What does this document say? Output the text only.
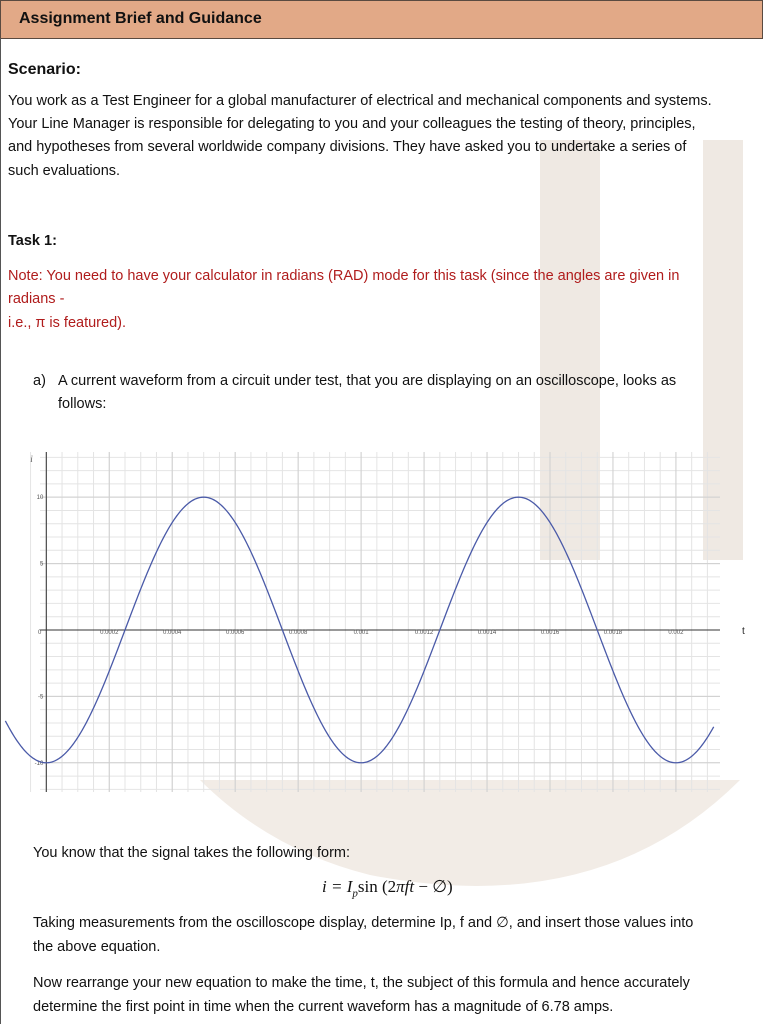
Assignment Brief and Guidance
Scenario:
You work as a Test Engineer for a global manufacturer of electrical and mechanical components and systems.
Your Line Manager is responsible for delegating to you and your colleagues the testing of theory, principles,
and hypotheses from several worldwide company divisions. They have asked you to undertake a series of
such evaluations.
Task 1:
Note: You need to have your calculator in radians (RAD) mode for this task (since the angles are given in
radians -
i.e., π is featured).
a) A current waveform from a circuit under test, that you are displaying on an oscilloscope, looks as
follows:
t
i
0	0.0002	0.0004	0.0006	0.0008	0.001	0.0012	0.0014	0.0016	0.0018	0.002
10
5
-5
-10
You know that the signal takes the following form:
$i = I_p\sin$ (2πft − ∅)
Taking measurements from the oscilloscope display, determine Ip, f and ∅, and insert those values into
the above equation.
Now rearrange your new equation to make the time, t, the subject of this formula and hence accurately
determine the first point in time when the current waveform has a magnitude of 6.78 amps.
